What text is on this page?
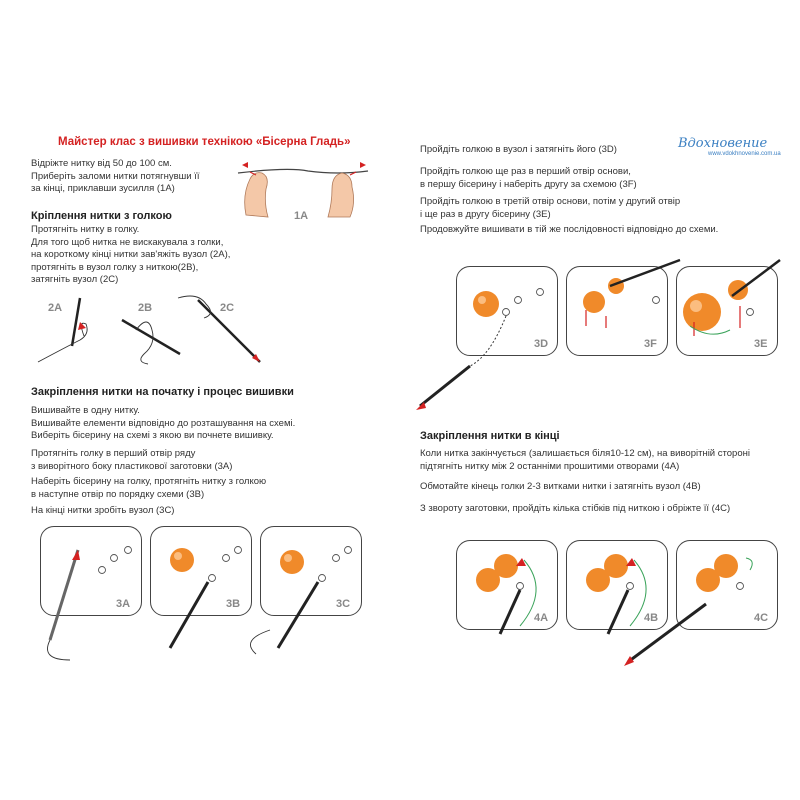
Майстер клас з вишивки технікою «Бісерна Гладь»
Відріжте нитку від 50 до 100 см.
Приберіть заломи нитки потягнувши її
за кінці, приклавши зусилля (1A)
1A
Кріплення нитки з голкою
Протягніть нитку в голку.
Для того щоб нитка не вискакувала з голки,
на короткому кінці нитки зав'яжіть вузол (2A),
протягніть в вузол голку з ниткою(2B),
затягніть вузол (2C)
2A	2B	2C
Закріплення нитки на початку і процес вишивки
Вишивайте в одну нитку.
Вишивайте елементи відповідно до розташування на схемі.
Виберіть бісерину на схемі з якою ви почнете вишивку.
Протягніть голку в перший отвір ряду
з виворітного боку пластикової заготовки (3A)
Наберіть бісерину на голку, протягніть нитку з голкою
в наступне отвір по порядку схеми (3B)
На кінці нитки зробіть вузол (3C)
3A	3B	3C
Вдохновение
www.vdokhnovenie.com.ua
Пройдіть голкою в вузол і затягніть його (3D)
Пройдіть голкою ще раз в перший отвір основи,
в першу бісерину і наберіть другу за схемою (3F)
Пройдіть голкою в третій отвір основи, потім у другий отвір
і ще раз в другу бісерину (3E)
Продовжуйте вишивати в тій же послідовності відповідно до схеми.
3D	3F	3E
Закріплення нитки в кінці
Коли нитка закінчується (залишається біля10-12 см), на виворітній стороні
підтягніть нитку між 2 останніми прошитими отворами (4A)
Обмотайте кінець голки 2-3 витками нитки і затягніть вузол (4B)
З звороту заготовки, пройдіть кілька стібків під ниткою і обріжте її (4C)
4A	4B	4C
